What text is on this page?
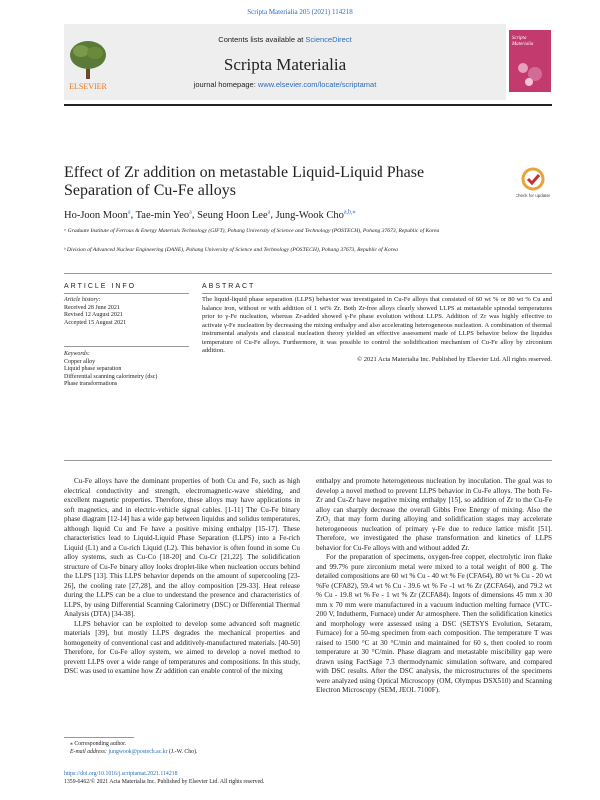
Scripta Materialia 205 (2021) 114218
ELSEVIER
Contents lists available at ScienceDirect
Scripta Materialia
journal homepage: www.elsevier.com/locate/scriptamat
Scripta Materialia
Effect of Zr addition on metastable Liquid-Liquid Phase Separation of Cu-Fe alloys	Check for updates
Ho-Joon Moon$^a$, Tae-min Yeo$^a$, Seung Hoon Lee$^a$, Jung-Wook Cho$^{a,b,⁎}$
ᵃ Graduate Institute of Ferrous & Energy Materials Technology (GIFT), Pohang University of Science and Technology (POSTECH), Pohang 37673, Republic of Korea
ᵇ Division of Advanced Nuclear Engineering (DANE), Pohang University of Science and Technology (POSTECH), Pohang 37673, Republic of Korea
ARTICLE INFO	ABSTRACT
Article history:
Received 28 June 2021
Revised 12 August 2021
Accepted 15 August 2021
Keywords:
Copper alloy
Liquid phase separation
Differential scanning calorimetry (dsc)
Phase transformations
The liquid-liquid phase separation (LLPS) behavior was investigated in Cu-Fe alloys that consisted of 60 wt % or 80 wt % Cu and balance iron, without or with addition of 1 wt% Zr. Both Zr-free alloys clearly showed LLPS at metastable spinodal temperatures prior to γ-Fe nucleation, whereas Zr-added showed γ-Fe phase evolution without LLPS. Addition of Zr was highly effective to activate γ-Fe nucleation by decreasing the mixing enthalpy and also accelerating heterogeneous nucleation. A combination of thermal instrumental analysis and classical nucleation theory yielded an effective assessment made of LLPS behavior below the liquidus temperature of Cu-Fe alloys. Furthermore, it was possible to control the solidification mechanism of Cu-Fe alloy by zirconium addition.
© 2021 Acta Materialia Inc. Published by Elsevier Ltd. All rights reserved.

Cu-Fe alloys have the dominant properties of both Cu and Fe, such as high electrical conductivity and strength, electromagnetic-wave shielding, and excellent magnetic properties. Therefore, these alloys may have applications in soft magnetics, and in electric-vehicle signal cables. [1-11] The Cu-Fe binary phase diagram [12-14] has a wide gap between liquidus and solidus temperatures, although liquid Cu and Fe have a positive mixing enthalpy [15-17]. These characteristics lead to Liquid-Liquid Phase Separation (LLPS) into a Fe-rich Liquid (L1) and a Cu-rich Liquid (L2). This behavior is often found in some Cu alloy systems, such as Cu-Co [18-20] and Cu-Cr [21,22]. The solidification structure of Cu-Fe binary alloy looks droplet-like when nucleation occurs behind the LLPS [13]. This LLPS behavior depends on the amount of supercooling [23-26], the cooling rate [27,28], and the alloy composition [29-33]. Heat release during the LLPS can be a clue to understand the presence and characteristics of LLPS, by using Differential Scanning Calorimetry (DSC) or Differential Thermal Analysis (DTA) [34-38].

LLPS behavior can be exploited to develop some advanced soft magnetic materials [39], but mostly LLPS degrades the mechanical properties and homogeneity of conventional cast and additively-manufactured materials. [40-50] Therefore, for Cu-Fe alloy system, we aimed to develop a novel method to prevent LLPS over a wide range of temperatures and compositions. In this study, DSC was used to examine how Zr addition can enable control of the mixing

enthalpy and promote heterogeneous nucleation by inoculation. The goal was to develop a novel method to prevent LLPS behavior in Cu-Fe alloys. The both Fe-Zr and Cu-Zr have negative mixing enthalpy [15], so addition of Zr to the Cu-Fe alloy can sharply decrease the overall Gibbs Free Energy of mixing. Also the ZrO₂ that may form during alloying and solidification stages may accelerate heterogeneous nucleation of primary γ-Fe due to reduce lattice misfit [51]. Therefore, we investigated the phase transformation and kinetics of LLPS behavior for Cu-Fe alloys with and without added Zr.

For the preparation of specimens, oxygen-free copper, electrolytic iron flake and 99.7% pure zirconium metal were mixed to a total weight of 800 g. The detailed compositions are 60 wt % Cu - 40 wt % Fe (CFA64), 80 wt % Cu - 20 wt %Fe (CFA82), 59.4 wt % Cu - 39.6 wt % Fe -1 wt % Zr (ZCFA64), and 79.2 wt % Cu - 19.8 wt % Fe - 1 wt % Zr (ZCFA84). Ingots of dimensions 45 mm x 30 mm x 70 mm were manufactured in a vacuum induction melting furnace (VTC-200 V, Indutherm, Furnace) under Ar atmosphere. Then the solidification kinetics and morphology were assessed using a DSC (SETSYS Evolution, Setaram, Furnace) for a 50-mg specimen from each composition. The temperature T was raised to 1500 °C at 30 °C/min and maintained for 60 s, then cooled to room temperature at 30 °C/min. Phase diagram and metastable miscibility gap were drawn using FactSage 7.3 thermodynamic simulation software, and compared with DSC results. After the DSC analysis, the microstructures of the specimens were analyzed using Optical Microscopy (OM, Olympus DSX510) and Scanning Electron Microscopy (SEM, JEOL 7100F).

⁎ Corresponding author.
E-mail address: jungwook@postech.ac.kr (J.-W. Cho).
https://doi.org/10.1016/j.scriptamat.2021.114218
1359-6462/© 2021 Acta Materialia Inc. Published by Elsevier Ltd. All rights reserved.
